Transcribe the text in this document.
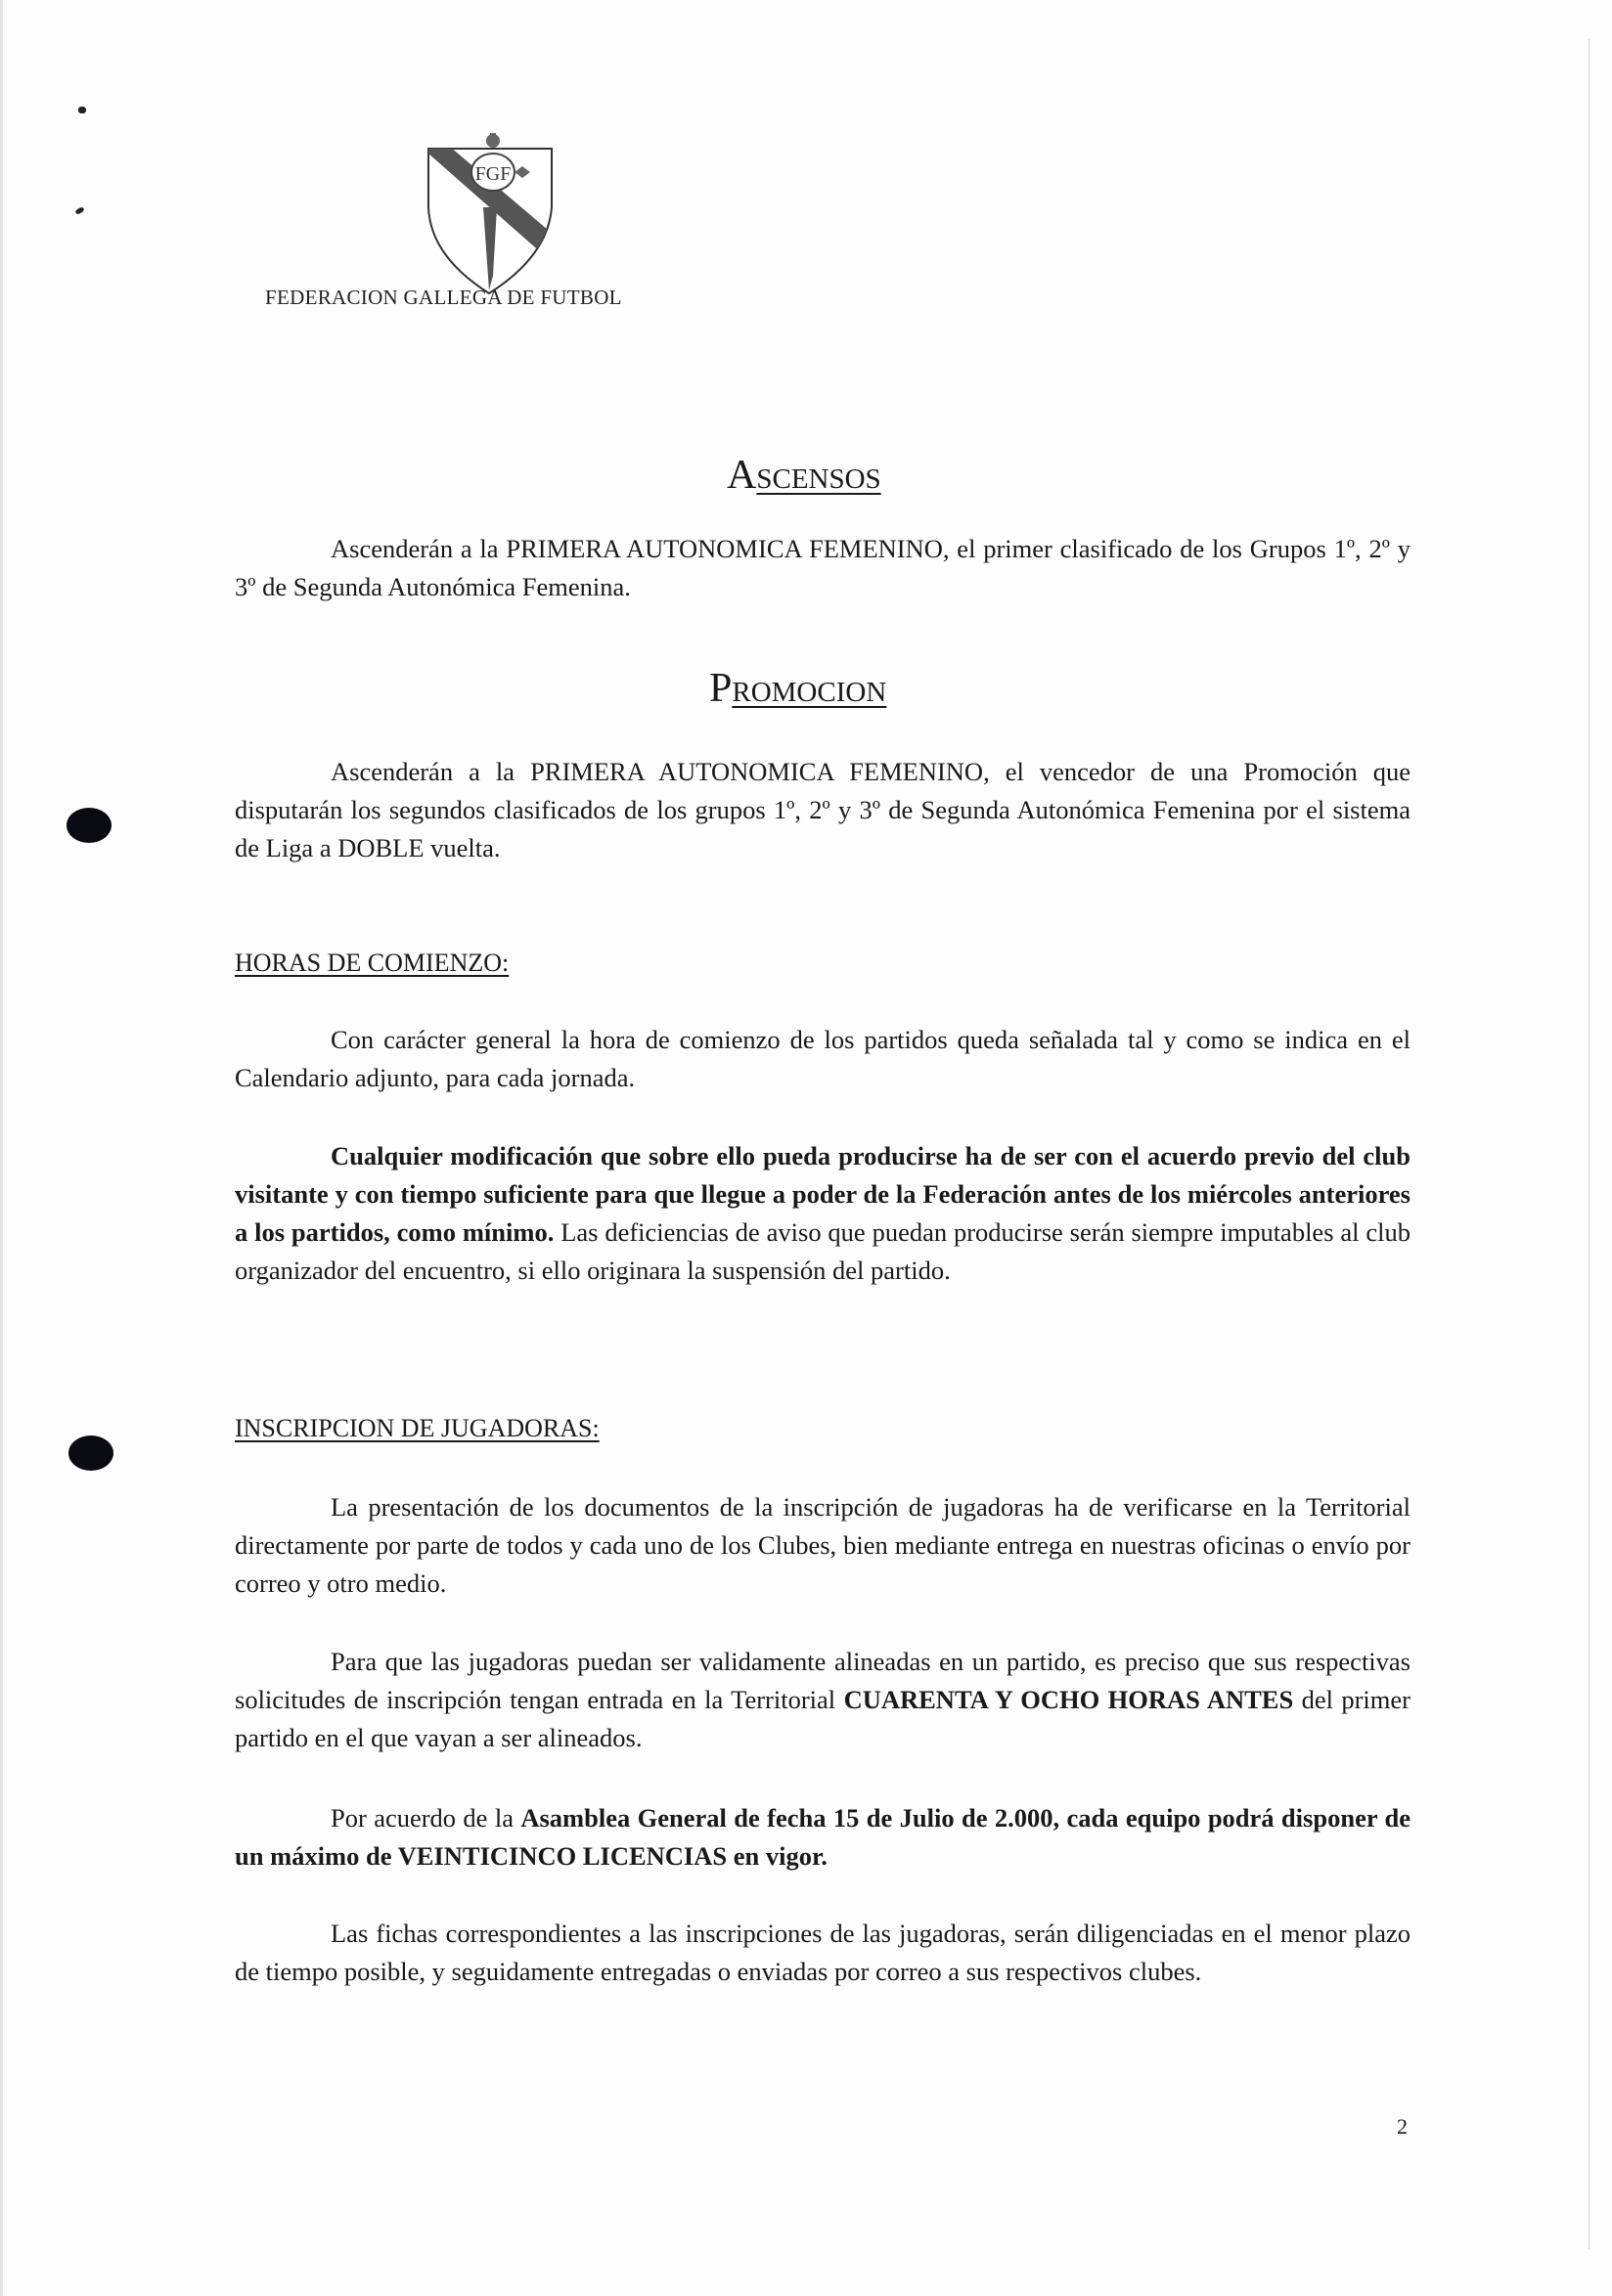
FGF
FEDERACION GALLEGA DE FUTBOL
ASCENSOS

Ascenderán a la PRIMERA AUTONOMICA FEMENINO, el primer clasificado de los Grupos 1º, 2º y 3º de Segunda Autonómica Femenina.

PROMOCION

Ascenderán a la PRIMERA AUTONOMICA FEMENINO, el vencedor de una Promoción que disputarán los segundos clasificados de los grupos 1º, 2º y 3º de Segunda Autonómica Femenina por el sistema de Liga a DOBLE vuelta.

HORAS DE COMIENZO:

Con carácter general la hora de comienzo de los partidos queda señalada tal y como se indica en el Calendario adjunto, para cada jornada.

Cualquier modificación que sobre ello pueda producirse ha de ser con el acuerdo previo del club visitante y con tiempo suficiente para que llegue a poder de la Federación antes de los miércoles anteriores a los partidos, como mínimo. Las deficiencias de aviso que puedan producirse serán siempre imputables al club organizador del encuentro, si ello originara la suspensión del partido.

INSCRIPCION DE JUGADORAS:

La presentación de los documentos de la inscripción de jugadoras ha de verificarse en la Territorial directamente por parte de todos y cada uno de los Clubes, bien mediante entrega en nuestras oficinas o envío por correo y otro medio.

Para que las jugadoras puedan ser validamente alineadas en un partido, es preciso que sus respectivas solicitudes de inscripción tengan entrada en la Territorial CUARENTA Y OCHO HORAS ANTES del primer partido en el que vayan a ser alineados.

Por acuerdo de la Asamblea General de fecha 15 de Julio de 2.000, cada equipo podrá disponer de un máximo de VEINTICINCO LICENCIAS en vigor.

Las fichas correspondientes a las inscripciones de las jugadoras, serán diligenciadas en el menor plazo de tiempo posible, y seguidamente entregadas o enviadas por correo a sus respectivos clubes.

2
